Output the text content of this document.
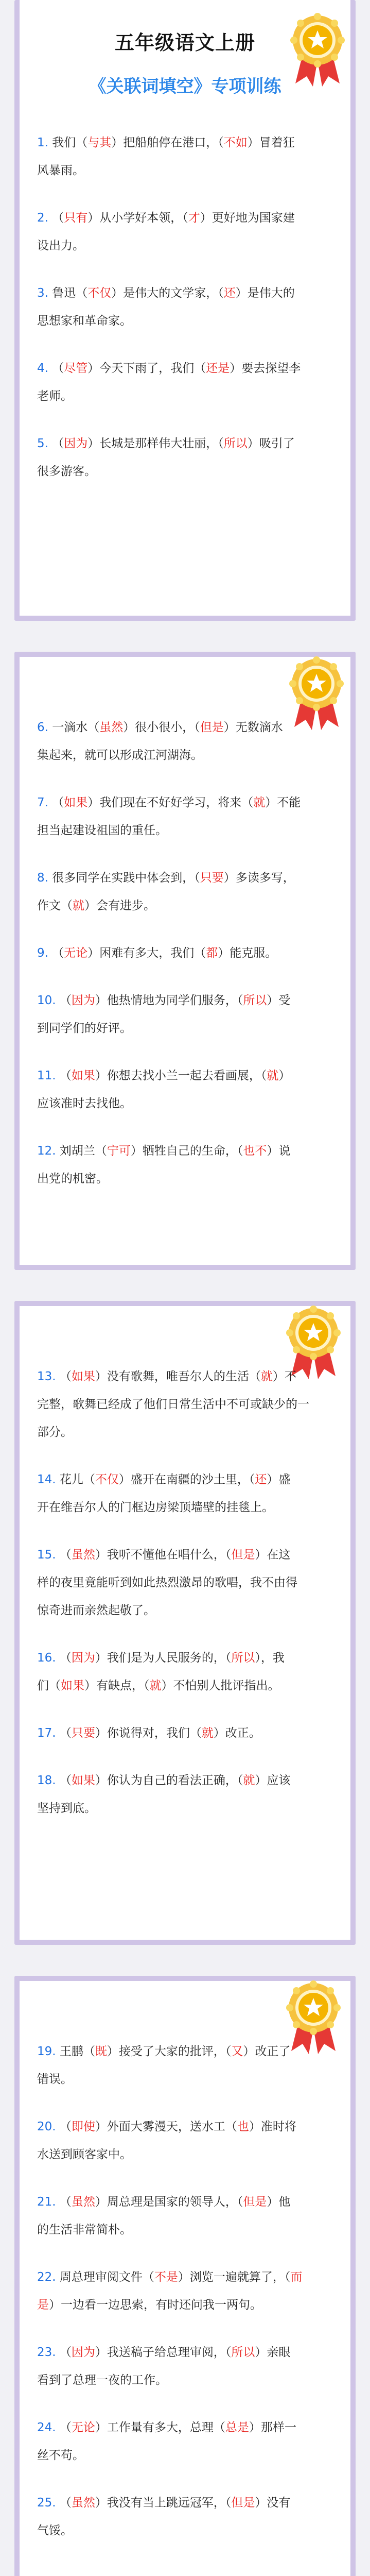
五年级语文上册
《关联词填空》专项训练
1. 我们（与其）把船舶停在港口，（不如）冒着狂
风暴雨。
2. （只有）从小学好本领，（才）更好地为国家建
设出力。
3. 鲁迅（不仅）是伟大的文学家，（还）是伟大的
思想家和革命家。
4. （尽管）今天下雨了，我们（还是）要去探望李
老师。
5. （因为）长城是那样伟大壮丽，（所以）吸引了
很多游客。
6. 一滴水（虽然）很小很小，（但是）无数滴水
集起来，就可以形成江河湖海。
7. （如果）我们现在不好好学习，将来（就）不能
担当起建设祖国的重任。
8. 很多同学在实践中体会到，（只要）多读多写，
作文（就）会有进步。
9. （无论）困难有多大，我们（都）能克服。
10. （因为）他热情地为同学们服务，（所以）受
到同学们的好评。
11. （如果）你想去找小兰一起去看画展，（就）
应该准时去找他。
12. 刘胡兰（宁可）牺牲自己的生命，（也不）说
出党的机密。
13. （如果）没有歌舞，唯吾尔人的生活（就）不
完整，歌舞已经成了他们日常生活中不可或缺少的一
部分。
14. 花儿（不仅）盛开在南疆的沙土里，（还）盛
开在维吾尔人的门框边房梁顶墙壁的挂毯上。
15. （虽然）我听不懂他在唱什么，（但是）在这
样的夜里竟能听到如此热烈激昂的歌唱，我不由得
惊奇进而亲然起敬了。
16. （因为）我们是为人民服务的，（所以），我
们（如果）有缺点，（就）不怕别人批评指出。
17. （只要）你说得对，我们（就）改正。
18. （如果）你认为自己的看法正确，（就）应该
坚持到底。
19. 王鹏（既）接受了大家的批评，（又）改正了
错误。
20. （即使）外面大雾漫天，送水工（也）准时将
水送到顾客家中。
21. （虽然）周总理是国家的领导人，（但是）他
的生活非常简朴。
22. 周总理审阅文件（不是）浏览一遍就算了，（而
是）一边看一边思索，有时还问我一两句。
23. （因为）我送稿子给总理审阅，（所以）亲眼
看到了总理一夜的工作。
24. （无论）工作量有多大，总理（总是）那样一
丝不苟。
25. （虽然）我没有当上跳远冠军，（但是）没有
气馁。
